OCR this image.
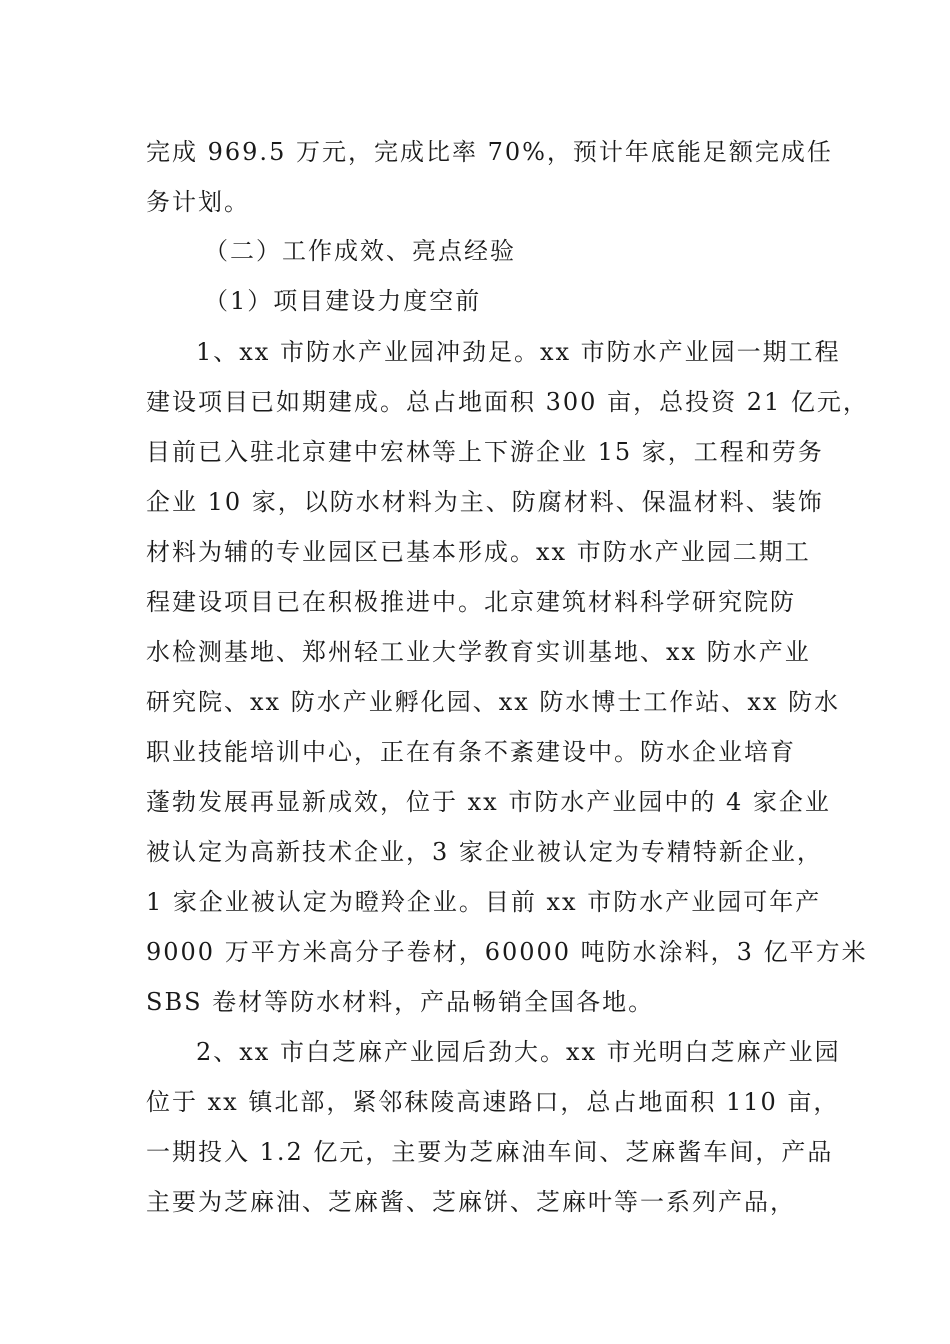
完成 969.5 万元，完成比率 70%，预计年底能足额完成任
务计划。
（二）工作成效、亮点经验
（1）项目建设力度空前
1、xx 市防水产业园冲劲足。xx 市防水产业园一期工程
建设项目已如期建成。总占地面积 300 亩，总投资 21 亿元，
目前已入驻北京建中宏林等上下游企业 15 家，工程和劳务
企业 10 家，以防水材料为主、防腐材料、保温材料、装饰
材料为辅的专业园区已基本形成。xx 市防水产业园二期工
程建设项目已在积极推进中。北京建筑材料科学研究院防
水检测基地、郑州轻工业大学教育实训基地、xx 防水产业
研究院、xx 防水产业孵化园、xx 防水博士工作站、xx 防水
职业技能培训中心，正在有条不紊建设中。防水企业培育
蓬勃发展再显新成效，位于 xx 市防水产业园中的 4 家企业
被认定为高新技术企业，3 家企业被认定为专精特新企业，
1 家企业被认定为瞪羚企业。目前 xx 市防水产业园可年产
9000 万平方米高分子卷材，60000 吨防水涂料，3 亿平方米
SBS 卷材等防水材料，产品畅销全国各地。
2、xx 市白芝麻产业园后劲大。xx 市光明白芝麻产业园
位于 xx 镇北部，紧邻秣陵高速路口，总占地面积 110 亩，
一期投入 1.2 亿元，主要为芝麻油车间、芝麻酱车间，产品
主要为芝麻油、芝麻酱、芝麻饼、芝麻叶等一系列产品，
